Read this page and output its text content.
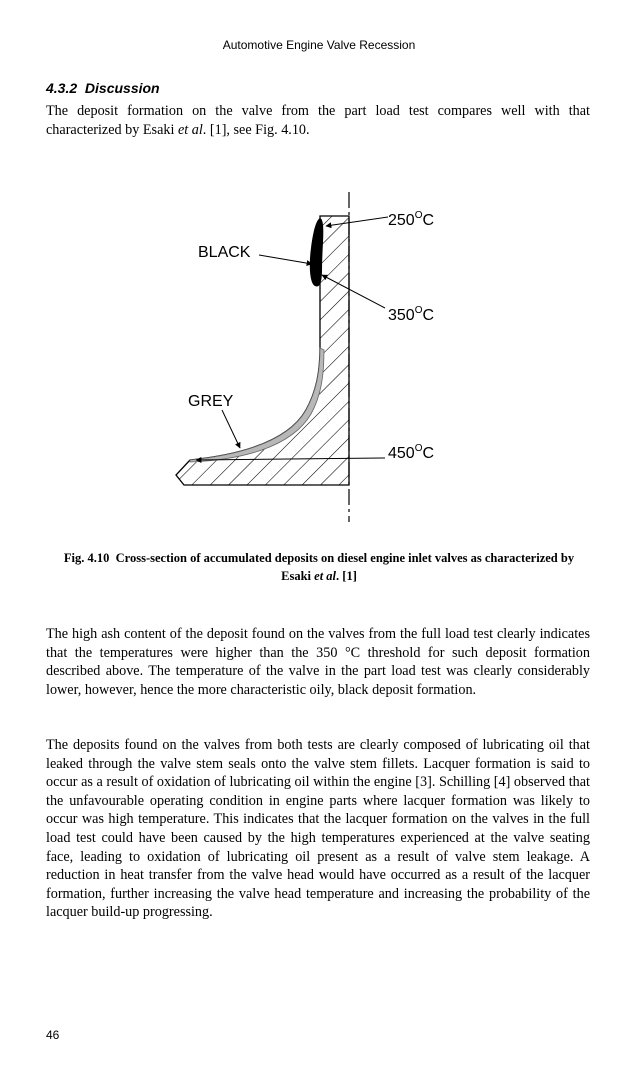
Automotive Engine Valve Recession
4.3.2 Discussion

The deposit formation on the valve from the part load test compares well with that characterized by Esaki et al. [1], see Fig. 4.10.

BLACK
GREY
$250^OC$
$350^OC$
$450^OC$

Fig. 4.10 Cross-section of accumulated deposits on diesel engine inlet valves as characterized by Esaki et al. [1]

The high ash content of the deposit found on the valves from the full load test clearly indicates that the temperatures were higher than the 350 °C threshold for such deposit formation described above. The temperature of the valve in the part load test was clearly considerably lower, however, hence the more characteristic oily, black deposit formation.

The deposits found on the valves from both tests are clearly composed of lubricating oil that leaked through the valve stem seals onto the valve stem fillets. Lacquer formation is said to occur as a result of oxidation of lubricating oil within the engine [3]. Schilling [4] observed that the unfavourable operating condition in engine parts where lacquer formation was likely to occur was high temperature. This indicates that the lacquer formation on the valves in the full load test could have been caused by the high temperatures experienced at the valve seating face, leading to oxidation of lubricating oil present as a result of valve stem leakage. A reduction in heat transfer from the valve head would have occurred as a result of the lacquer formation, further increasing the valve head temperature and increasing the probability of the lacquer build-up progressing.

46
